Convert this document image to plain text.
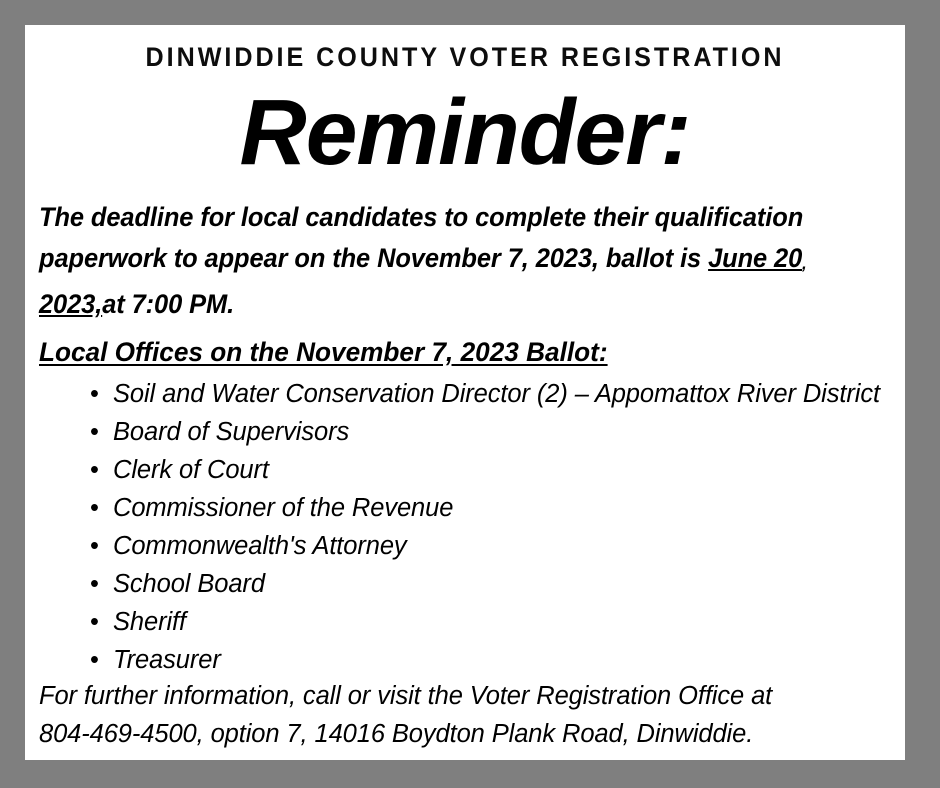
DINWIDDIE COUNTY VOTER REGISTRATION
Reminder:
The deadline for local candidates to complete their qualification paperwork to appear on the November 7, 2023, ballot is June 20, 2023,at 7:00 PM.
Local Offices on the November 7, 2023 Ballot:
• Soil and Water Conservation Director (2) – Appomattox River District
• Board of Supervisors
• Clerk of Court
• Commissioner of the Revenue
• Commonwealth's Attorney
• School Board
• Sheriff
• Treasurer
For further information, call or visit the Voter Registration Office at
804-469-4500, option 7, 14016 Boydton Plank Road, Dinwiddie.
